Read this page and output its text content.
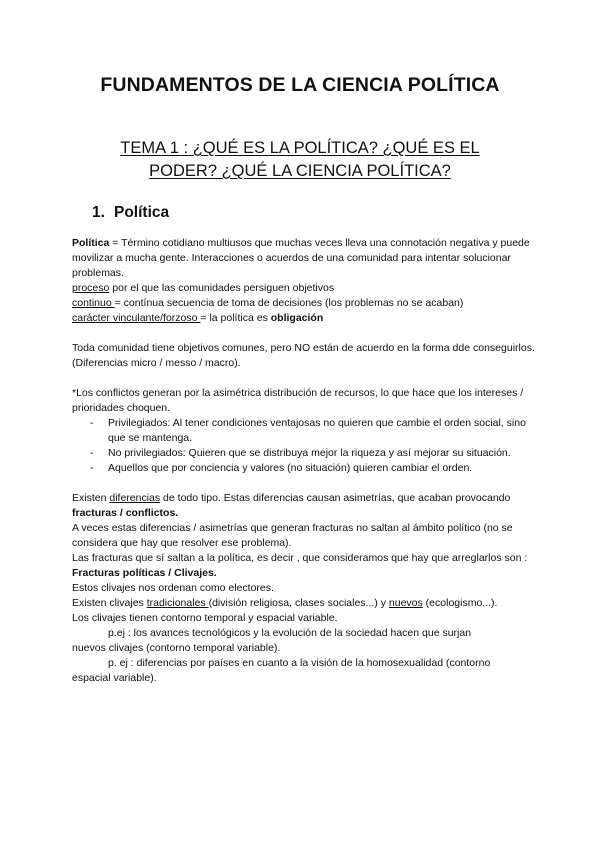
FUNDAMENTOS DE LA CIENCIA POLÍTICA
TEMA 1 : ¿QUÉ ES LA POLÍTICA? ¿QUÉ ES EL
PODER? ¿QUÉ LA CIENCIA POLÍTICA?
1. Política

Política = Término cotidiano multiusos que muchas veces lleva una connotación negativa y puede movilizar a mucha gente. Interacciones o acuerdos de una comunidad para intentar solucionar problemas.

proceso por el que las comunidades persiguen objetivos

continuo = contínua secuencia de toma de decisiones (los problemas no se acaban)

carácter vinculante/forzoso = la política es obligación

Toda comunidad tiene objetivos comunes, pero NO están de acuerdo en la forma dde conseguirlos. (Diferencias micro / messo / macro).

*Los conflictos generan por la asimétrica distribución de recursos, lo que hace que los intereses / prioridades choquen.

- Privilegiados: Al tener condiciones ventajosas no quieren que cambie el orden social, sino que se mantenga.
- No privilegiados: Quieren que se distribuya mejor la riqueza y así mejorar su situación.
- Aquellos que por conciencia y valores (no situación) quieren cambiar el orden.

Existen diferencias de todo tipo. Estas diferencias causan asimetrías, que acaban provocando fracturas / conflictos.

A veces estas diferencias / asimetrías que generan fracturas no saltan al ámbito político (no se considera que hay que resolver ese problema).

Las fracturas que sí saltan a la política, es decir , que consideramos que hay que arreglarlos son : Fracturas políticas / Clivajes.

Estos clivajes nos ordenan como electores.

Existen clivajes tradicionales (división religiosa, clases sociales...) y nuevos (ecologismo...).

Los clivajes tienen contorno temporal y espacial variable.

p.ej : los avances tecnológicos y la evolución de la sociedad hacen que surjan

nuevos clivajes (contorno temporal variable).

p. ej : diferencias por países en cuanto a la visión de la homosexualidad (contorno

espacial variable).
